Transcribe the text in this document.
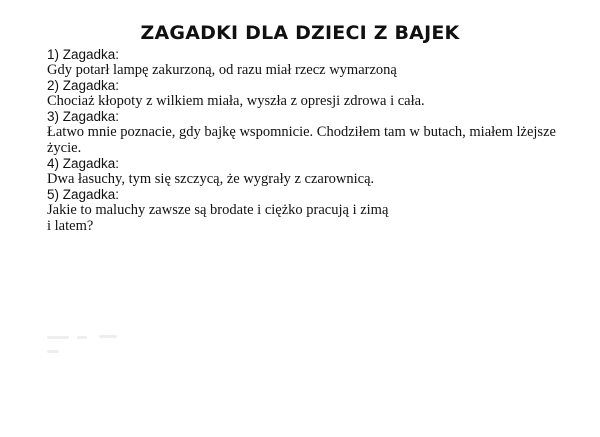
ZAGADKI DLA DZIECI Z BAJEK
1) Zagadka:
Gdy potarł lampę zakurzoną, od razu miał rzecz wymarzoną
2) Zagadka:
Chociaż kłopoty z wilkiem miała, wyszła z opresji zdrowa i cała.
3) Zagadka:
Łatwo mnie poznacie, gdy bajkę wspomnicie. Chodziłem tam w butach, miałem lżejsze
życie.
4) Zagadka:
Dwa łasuchy, tym się szczycą, że wygrały z czarownicą.
5) Zagadka:
Jakie to maluchy zawsze są brodate i ciężko pracują i zimą
i latem?
